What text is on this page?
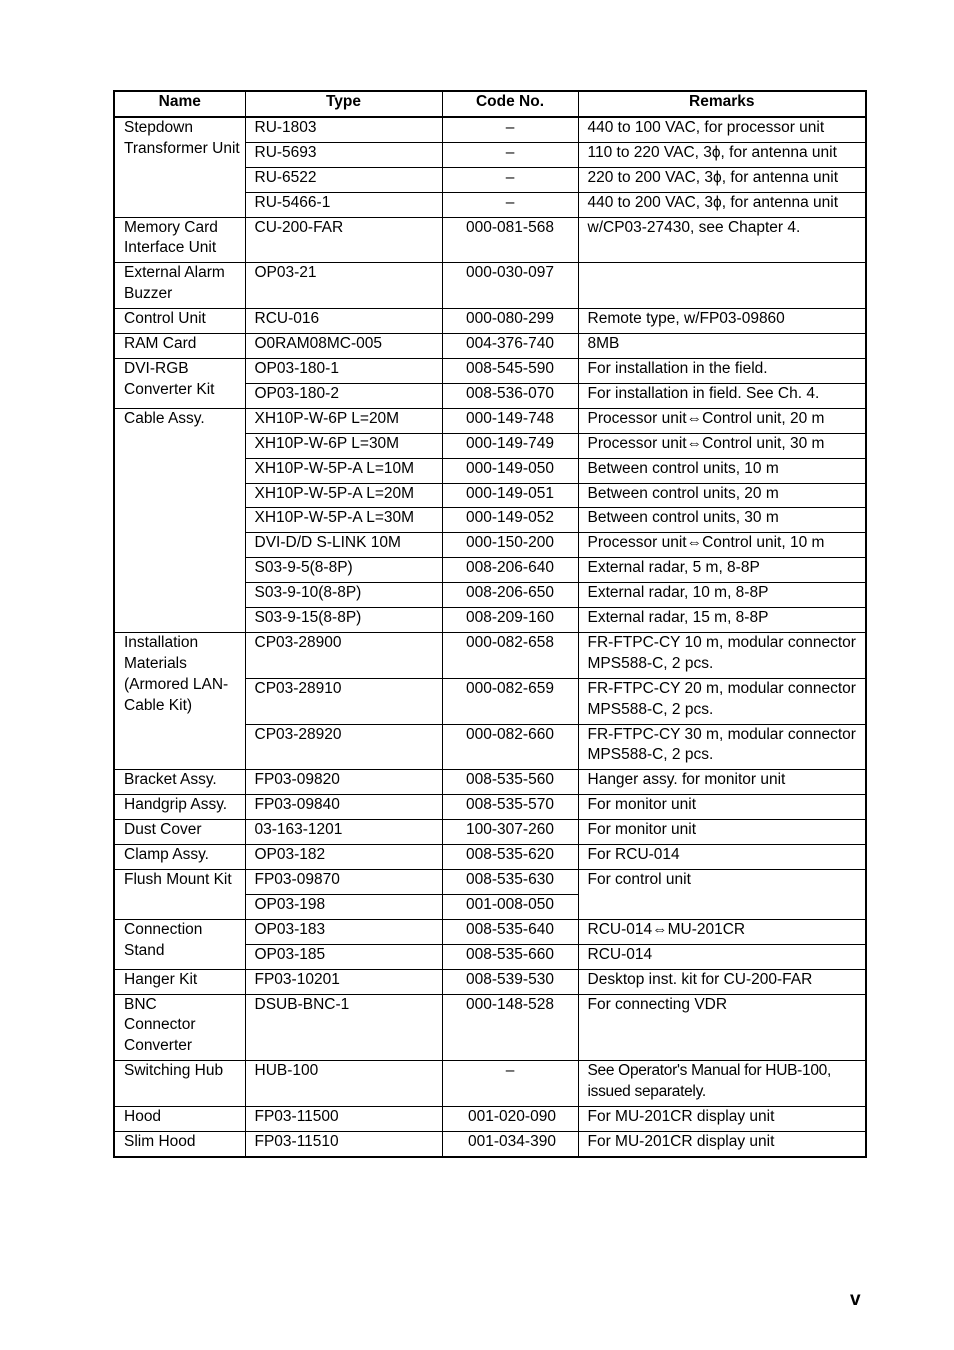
Name	Type	Code No.	Remarks
Stepdown Transformer Unit	RU-1803	–	440 to 100 VAC, for processor unit
	RU-5693	–	110 to 220 VAC, 3ϕ, for antenna unit
	RU-6522	–	220 to 200 VAC, 3ϕ, for antenna unit
	RU-5466-1	–	440 to 200 VAC, 3ϕ, for antenna unit
Memory Card Interface Unit	CU-200-FAR	000-081-568	w/CP03-27430, see Chapter 4.
External Alarm Buzzer	OP03-21	000-030-097	
Control Unit	RCU-016	000-080-299	Remote type, w/FP03-09860
RAM Card	O0RAM08MC-005	004-376-740	8MB
DVI-RGB Converter Kit	OP03-180-1	008-545-590	For installation in the field.
	OP03-180-2	008-536-070	For installation in field. See Ch. 4.
Cable Assy.	XH10P-W-6P L=20M	000-149-748	Processor unit⇔Control unit, 20 m
	XH10P-W-6P L=30M	000-149-749	Processor unit⇔Control unit, 30 m
	XH10P-W-5P-A L=10M	000-149-050	Between control units, 10 m
	XH10P-W-5P-A L=20M	000-149-051	Between control units, 20 m
	XH10P-W-5P-A L=30M	000-149-052	Between control units, 30 m
	DVI-D/D S-LINK 10M	000-150-200	Processor unit⇔Control unit, 10 m
	S03-9-5(8-8P)	008-206-640	External radar, 5 m, 8-8P
	S03-9-10(8-8P)	008-206-650	External radar, 10 m, 8-8P
	S03-9-15(8-8P)	008-209-160	External radar, 15 m, 8-8P
Installation Materials (Armored LAN-Cable Kit)	CP03-28900	000-082-658	FR-FTPC-CY 10 m, modular connector MPS588-C, 2 pcs.
	CP03-28910	000-082-659	FR-FTPC-CY 20 m, modular connector MPS588-C, 2 pcs.
	CP03-28920	000-082-660	FR-FTPC-CY 30 m, modular connector MPS588-C, 2 pcs.
Bracket Assy.	FP03-09820	008-535-560	Hanger assy. for monitor unit
Handgrip Assy.	FP03-09840	008-535-570	For monitor unit
Dust Cover	03-163-1201	100-307-260	For monitor unit
Clamp Assy.	OP03-182	008-535-620	For RCU-014
Flush Mount Kit	FP03-09870	008-535-630	For control unit
	OP03-198	001-008-050	
Connection Stand	OP03-183	008-535-640	RCU-014⇔MU-201CR
	OP03-185	008-535-660	RCU-014
Hanger Kit	FP03-10201	008-539-530	Desktop inst. kit for CU-200-FAR
BNC Connector Converter	DSUB-BNC-1	000-148-528	For connecting VDR
Switching Hub	HUB-100	–	See Operator's Manual for HUB-100, issued separately.
Hood	FP03-11500	001-020-090	For MU-201CR display unit
Slim Hood	FP03-11510	001-034-390	For MU-201CR display unit
v
